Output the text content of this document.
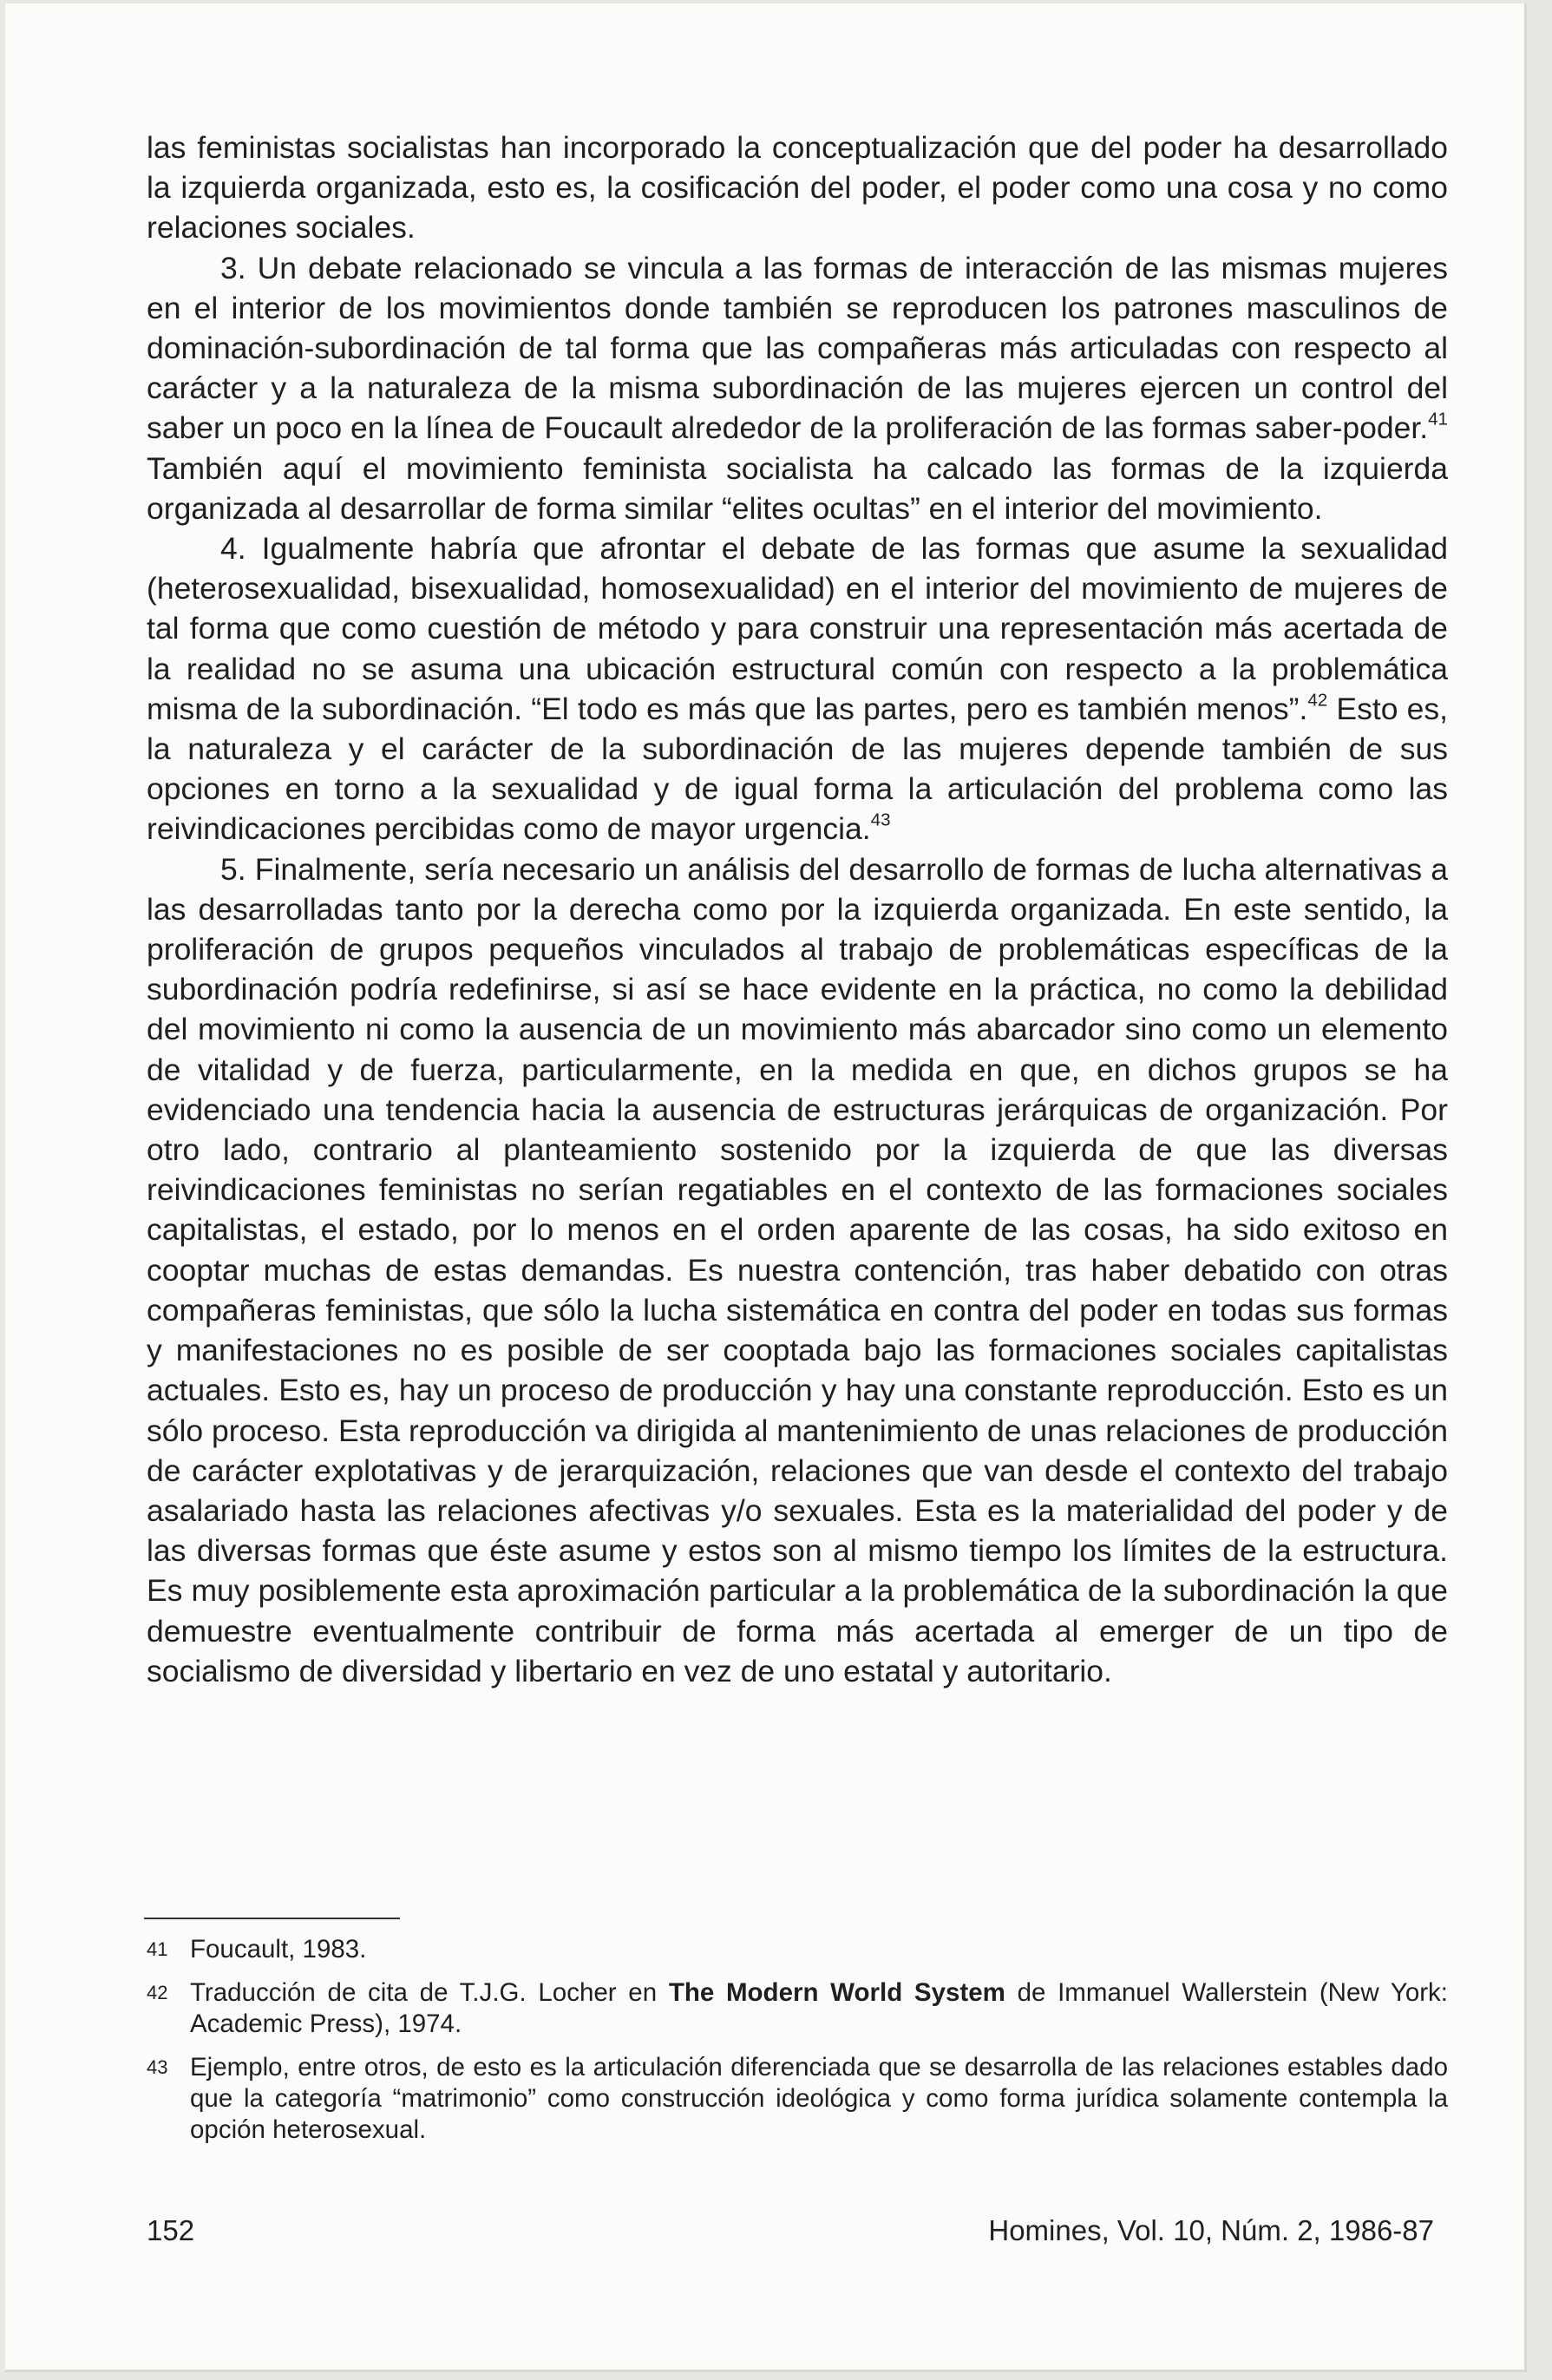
las feministas socialistas han incorporado la conceptualización que del poder ha desarrollado la izquierda organizada, esto es, la cosificación del poder, el poder como una cosa y no como relaciones sociales.

3. Un debate relacionado se vincula a las formas de interacción de las mismas mujeres en el interior de los movimientos donde también se reproducen los patrones masculinos de dominación-subordinación de tal forma que las compañeras más articuladas con respecto al carácter y a la naturaleza de la misma subordinación de las mujeres ejercen un control del saber un poco en la línea de Foucault alrededor de la proliferación de las formas saber-poder.$^{41}$ También aquí el movimiento feminista socialista ha calcado las formas de la izquierda organizada al desarrollar de forma similar “elites ocultas” en el interior del movimiento.

4. Igualmente habría que afrontar el debate de las formas que asume la sexualidad (heterosexualidad, bisexualidad, homosexualidad) en el interior del movimiento de mujeres de tal forma que como cuestión de método y para construir una representación más acertada de la realidad no se asuma una ubicación estructural común con respecto a la problemática misma de la subordinación. “El todo es más que las partes, pero es también menos”.$^{42}$ Esto es, la naturaleza y el carácter de la subordinación de las mujeres depende también de sus opciones en torno a la sexualidad y de igual forma la articulación del problema como las reivindicaciones percibidas como de mayor urgencia.$^{43}$

5. Finalmente, sería necesario un análisis del desarrollo de formas de lucha alternativas a las desarrolladas tanto por la derecha como por la izquierda organizada. En este sentido, la proliferación de grupos pequeños vinculados al trabajo de problemáticas específicas de la subordinación podría redefinirse, si así se hace evidente en la práctica, no como la debilidad del movimiento ni como la ausencia de un movimiento más abarcador sino como un elemento de vitalidad y de fuerza, particularmente, en la medida en que, en dichos grupos se ha evidenciado una tendencia hacia la ausencia de estructuras jerárquicas de organización. Por otro lado, contrario al planteamiento sostenido por la izquierda de que las diversas reivindicaciones feministas no serían regatiables en el contexto de las formaciones sociales capitalistas, el estado, por lo menos en el orden aparente de las cosas, ha sido exitoso en cooptar muchas de estas demandas. Es nuestra contención, tras haber debatido con otras compañeras feministas, que sólo la lucha sistemática en contra del poder en todas sus formas y manifestaciones no es posible de ser cooptada bajo las formaciones sociales capitalistas actuales. Esto es, hay un proceso de producción y hay una constante reproducción. Esto es un sólo proceso. Esta reproducción va dirigida al mantenimiento de unas relaciones de producción de carácter explotativas y de jerarquización, relaciones que van desde el contexto del trabajo asalariado hasta las relaciones afectivas y/o sexuales. Esta es la materialidad del poder y de las diversas formas que éste asume y estos son al mismo tiempo los límites de la estructura. Es muy posiblemente esta aproximación particular a la problemática de la subordinación la que demuestre eventualmente contribuir de forma más acertada al emerger de un tipo de socialismo de diversidad y libertario en vez de uno estatal y autoritario.

41 Foucault, 1983.
42 Traducción de cita de T.J.G. Locher en The Modern World System de Immanuel Wallerstein (New York: Academic Press), 1974.
43 Ejemplo, entre otros, de esto es la articulación diferenciada que se desarrolla de las relaciones estables dado que la categoría “matrimonio” como construcción ideológica y como forma jurídica solamente contempla la opción heterosexual.
152	Homines, Vol. 10, Núm. 2, 1986-87
